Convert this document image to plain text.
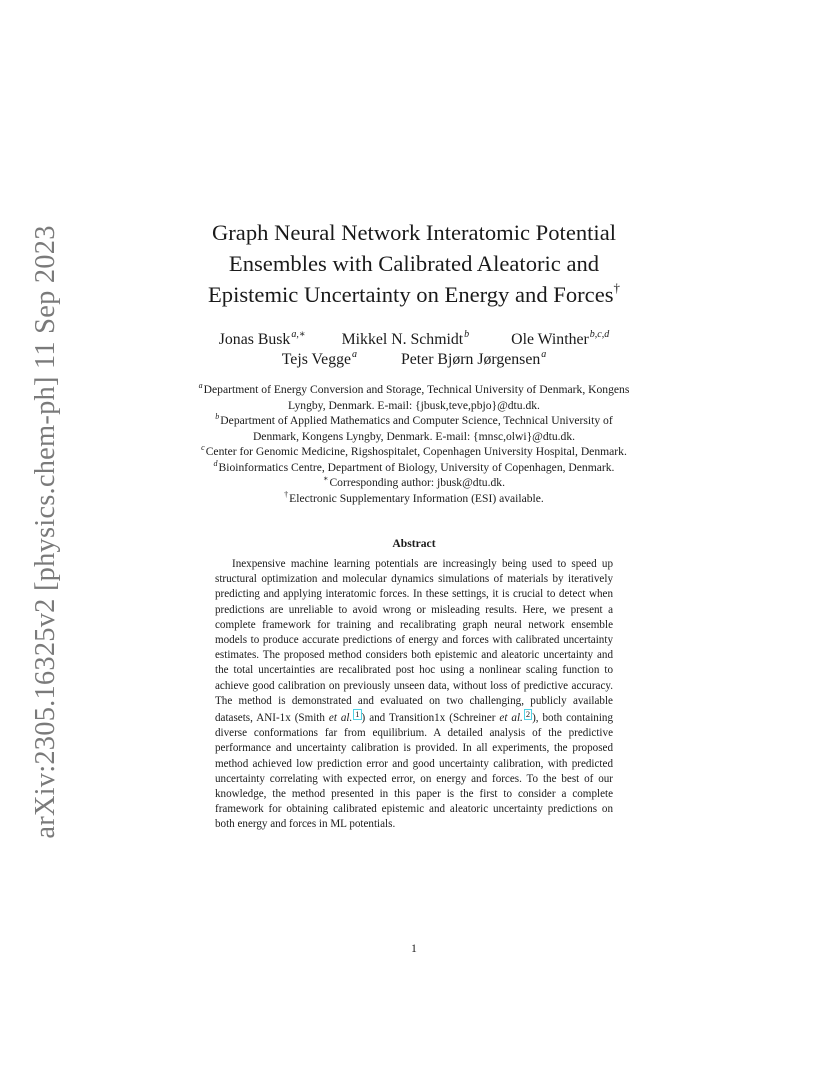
arXiv:2305.16325v2 [physics.chem-ph] 11 Sep 2023	Graph Neural Network Interatomic Potential
Ensembles with Calibrated Aleatoric and
Epistemic Uncertainty on Energy and Forces†
Jonas Busk$^{a,∗}$ Mikkel N. Schmidt$^b$	Ole Winther$^{b,c,d}$
Tejs Vegge$^a$	Peter Bjørn Jørgensen$^a$
$^a$Department of Energy Conversion and Storage, Technical University of Denmark, Kongens
Lyngby, Denmark. E-mail: {jbusk,teve,pbjo}@dtu.dk.
$^b$Department of Applied Mathematics and Computer Science, Technical University of
Denmark, Kongens Lyngby, Denmark. E-mail: {mnsc,olwi}@dtu.dk.
$^c$Center for Genomic Medicine, Rigshospitalet, Copenhagen University Hospital, Denmark.
$^d$Bioinformatics Centre, Department of Biology, University of Copenhagen, Denmark.
∗Corresponding author: jbusk@dtu.dk.
†Electronic Supplementary Information (ESI) available.
Abstract

Inexpensive machine learning potentials are increasingly being used to speed up structural optimization and molecular dynamics simulations of materials by iteratively predicting and applying interatomic forces. In these settings, it is crucial to detect when predictions are unreliable to avoid wrong or misleading results. Here, we present a complete framework for training and recalibrating graph neural network ensemble models to produce accurate predictions of energy and forces with calibrated uncertainty estimates. The proposed method considers both epistemic and aleatoric uncertainty and the total uncertainties are recalibrated post hoc using a nonlinear scaling function to achieve good calibration on previously unseen data, without loss of predictive accuracy. The method is demonstrated and evaluated on two challenging, publicly available datasets, ANI-1x (Smith et al. 1 ) and Transition1x (Schreiner et al. 2 ), both containing diverse conformations far from equilibrium. A detailed analysis of the predictive performance and uncertainty calibration is provided. In all experiments, the proposed method achieved low prediction error and good uncertainty calibration, with predicted uncertainty correlating with expected error, on energy and forces. To the best of our knowledge, the method presented in this paper is the first to consider a complete framework for obtaining calibrated epistemic and aleatoric uncertainty predictions on both energy and forces in ML potentials.

1
